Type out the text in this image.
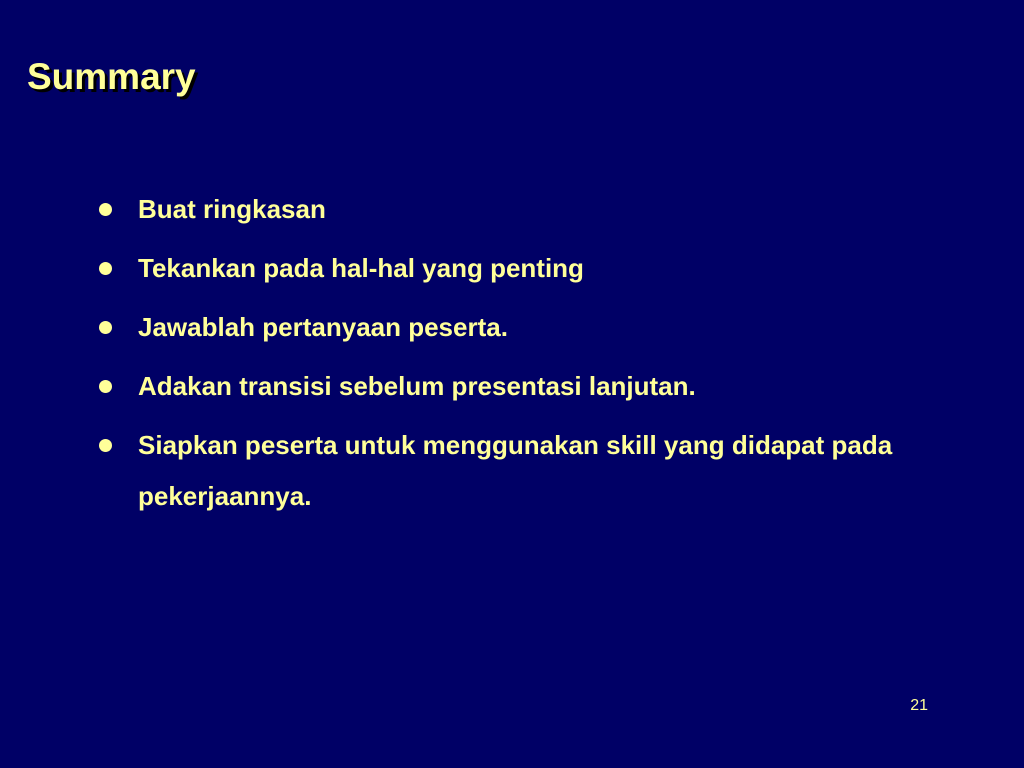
Summary
Buat ringkasan
Tekankan pada hal-hal yang penting
Jawablah pertanyaan peserta.
Adakan transisi sebelum presentasi lanjutan.
Siapkan peserta untuk menggunakan skill yang didapat pada pekerjaannya.
21
